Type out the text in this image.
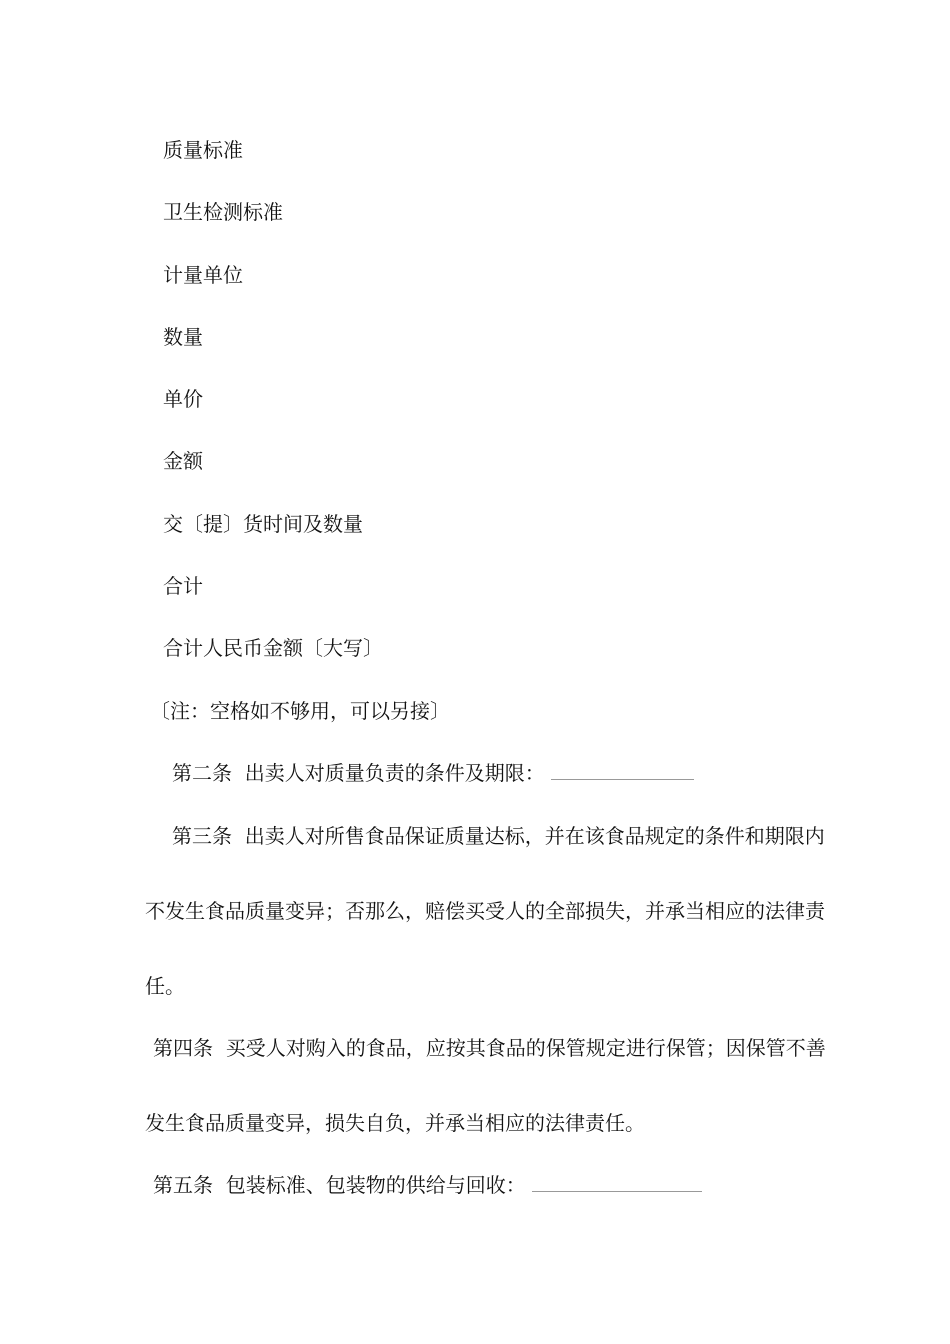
质量标准
卫生检测标准
计量单位
数量
单价
金额
交〔提〕货时间及数量
合计
合计人民币金额〔大写〕
〔注：空格如不够用，可以另接〕
第二条 出卖人对质量负责的条件及期限：
第三条 出卖人对所售食品保证质量达标，并在该食品规定的条件和期限内
不发生食品质量变异；否那么，赔偿买受人的全部损失，并承当相应的法律责
任。
第四条 买受人对购入的食品，应按其食品的保管规定进行保管；因保管不善
发生食品质量变异，损失自负，并承当相应的法律责任。
第五条 包装标准、包装物的供给与回收：
